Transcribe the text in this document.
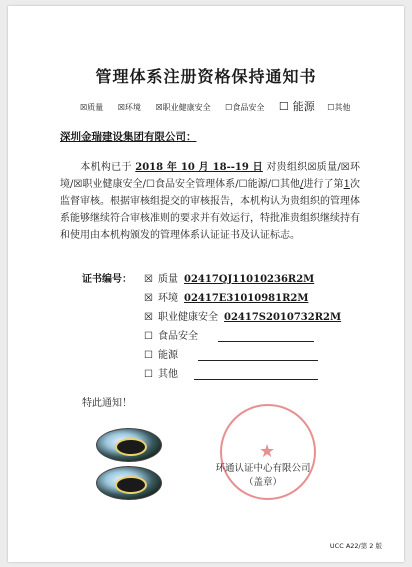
管理体系注册资格保持通知书
☒质量 ☒环境 ☒职业健康安全 ☐食品安全 ☐ 能源 ☐其他
深圳金瑞建设集团有限公司：
本机构已于 2018 年 10 月 18--19 日 对贵组织☒质量/☒环境/☒职业健康安全/☐食品安全管理体系/☐能源/☐其他/进行了第1次监督审核。根据审核组提交的审核报告，本机构认为贵组织的管理体系能够继续符合审核准则的要求并有效运行，特批准贵组织继续持有和使用由本机构颁发的管理体系认证证书及认证标志。
证书编号：	☒ 质量 02417QJ11010236R2M
☒ 环境 02417E31010981R2M
☒ 职业健康安全 02417S2010732R2M
☐ 食品安全
☐ 能源
☐ 其他
特此通知！
★
环通认证中心有限公司
（盖章）
UCC A22/第 2 版
